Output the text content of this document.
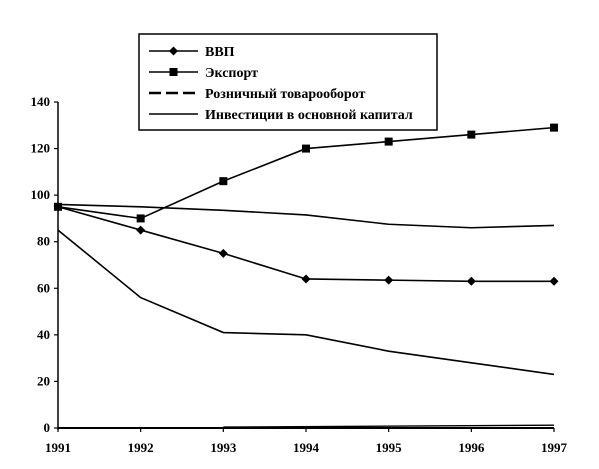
0
20
40
60
80
100
120
140
1991	1992	1993	1994	1995	1996	1997
ВВП
Экспорт
Розничный товарооборот
Инвестиции в основной капитал
